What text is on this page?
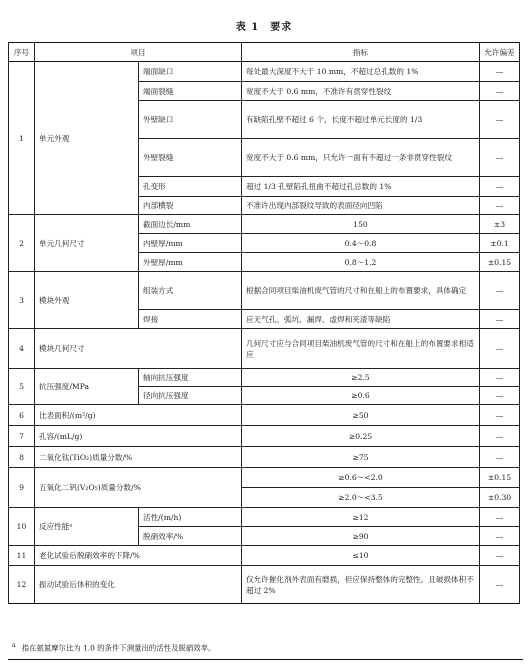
表 1　要求
序号	项目		指标	允许偏差
1	单元外观	端面缺口	每处最大深度不大于 10 mm，不超过总孔数的 1%	—
		端面裂缝	宽度不大于 0.6 mm，不准许有贯穿性裂纹	—
		外壁缺口	有缺陷孔壁不超过 6 个，长度不超过单元长度的 1/3	—
		外壁裂缝	宽度不大于 0.6 mm，只允许一面有不超过一条非贯穿性裂纹	—
		孔变形	超过 1/3 孔壁陷孔扭曲不超过孔总数的 1%	—
		内部横裂	不准许出现内部裂纹导致的表面径向凹陷	—
2	单元几何尺寸	截面边长/mm	150	±3
		内壁厚/mm	0.4～0.8	±0.1
		外壁厚/mm	0.8～1.2	±0.15
3	模块外观	组装方式	根据合同项目柴油机废气管的尺寸和在船上的布置要求，具体确定	—
		焊接	应无气孔、弧坑、漏焊、虚焊和夹渣等缺陷	—
4	模块几何尺寸		几何尺寸应与合同项目柴油机废气管的尺寸和在船上的布置要求相适应	—
5	抗压强度/MPa	轴向抗压强度	≥2.5	—
		径向抗压强度	≥0.6	—
6	比表面积/(m²/g)		≥50	—
7	孔容/(mL/g)		≥0.25	—
8	二氧化钛(TiO₂)质量分数/%		≥75	—
9	五氧化二钒(V₂O₅)质量分数/%		≥0.6～<2.0	±0.15
			≥2.0～<3.5	±0.30
10	反应性能ᵃ	活性/(m/h)	≥12	—
		脱硝效率/%	≥90	—
11	老化试验后脱硝效率的下降/%		≤10	—
12	振动试验后体积的变化		仅允许催化剂外表面有磨损，但应保持整体的完整性，且破损体积不超过 2%	—
$^a$ 指在氨氮摩尔比为 1.0 的条件下测量出的活性及脱硝效率。
